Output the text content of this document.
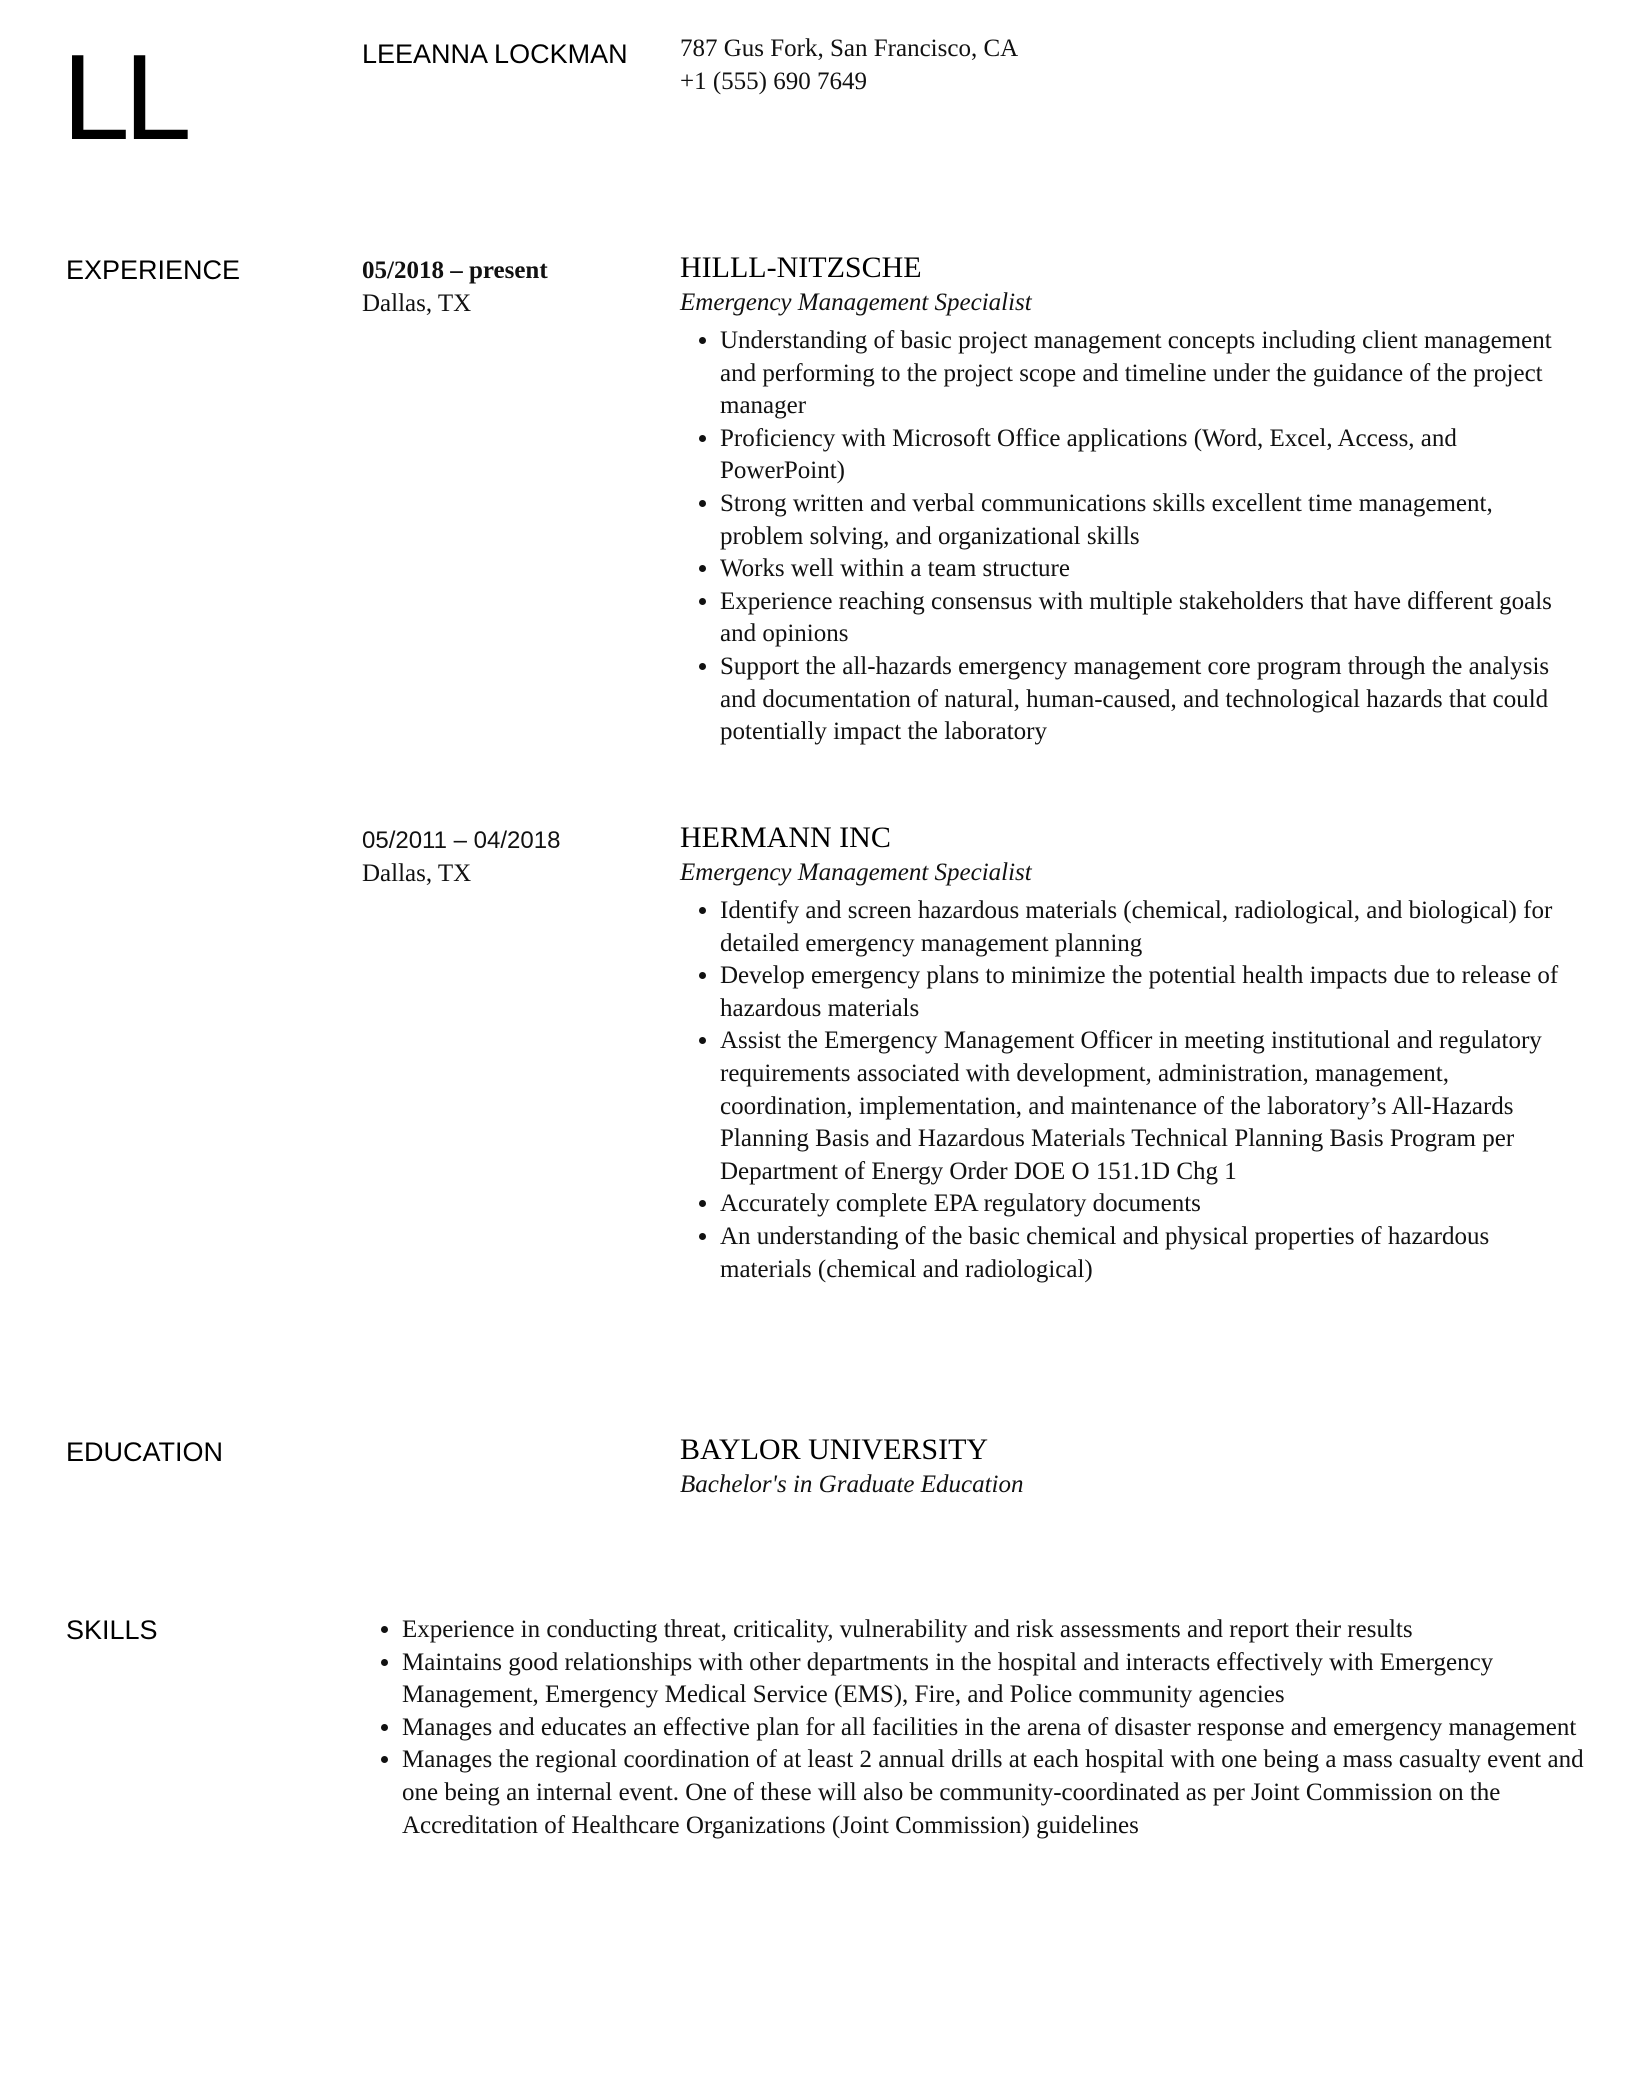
LL	LEEANNA LOCKMAN 787 Gus Fork, San Francisco, CA
+1 (555) 690 7649
EXPERIENCE	05/2018 – present
Dallas, TX
HILLL-NITZSCHE
Emergency Management Specialist
• Understanding of basic project management concepts including client management and performing to the project scope and timeline under the guidance of the project manager
• Proficiency with Microsoft Office applications (Word, Excel, Access, and PowerPoint)
• Strong written and verbal communications skills excellent time management, problem solving, and organizational skills
• Works well within a team structure
• Experience reaching consensus with multiple stakeholders that have different goals and opinions
• Support the all-hazards emergency management core program through the analysis and documentation of natural, human-caused, and technological hazards that could potentially impact the laboratory
05/2011 – 04/2018
Dallas, TX
HERMANN INC
Emergency Management Specialist
• Identify and screen hazardous materials (chemical, radiological, and biological) for detailed emergency management planning
• Develop emergency plans to minimize the potential health impacts due to release of hazardous materials
• Assist the Emergency Management Officer in meeting institutional and regulatory requirements associated with development, administration, management, coordination, implementation, and maintenance of the laboratory’s All-Hazards Planning Basis and Hazardous Materials Technical Planning Basis Program per Department of Energy Order DOE O 151.1D Chg 1
• Accurately complete EPA regulatory documents
• An understanding of the basic chemical and physical properties of hazardous materials (chemical and radiological)
EDUCATION	BAYLOR UNIVERSITY
Bachelor's in Graduate Education
SKILLS
•	Experience in conducting threat, criticality, vulnerability and risk assessments and report their results
• Maintains good relationships with other departments in the hospital and interacts effectively with Emergency Management, Emergency Medical Service (EMS), Fire, and Police community agencies
• Manages and educates an effective plan for all facilities in the arena of disaster response and emergency management
• Manages the regional coordination of at least 2 annual drills at each hospital with one being a mass casualty event and one being an internal event. One of these will also be community-coordinated as per Joint Commission on the Accreditation of Healthcare Organizations (Joint Commission) guidelines
